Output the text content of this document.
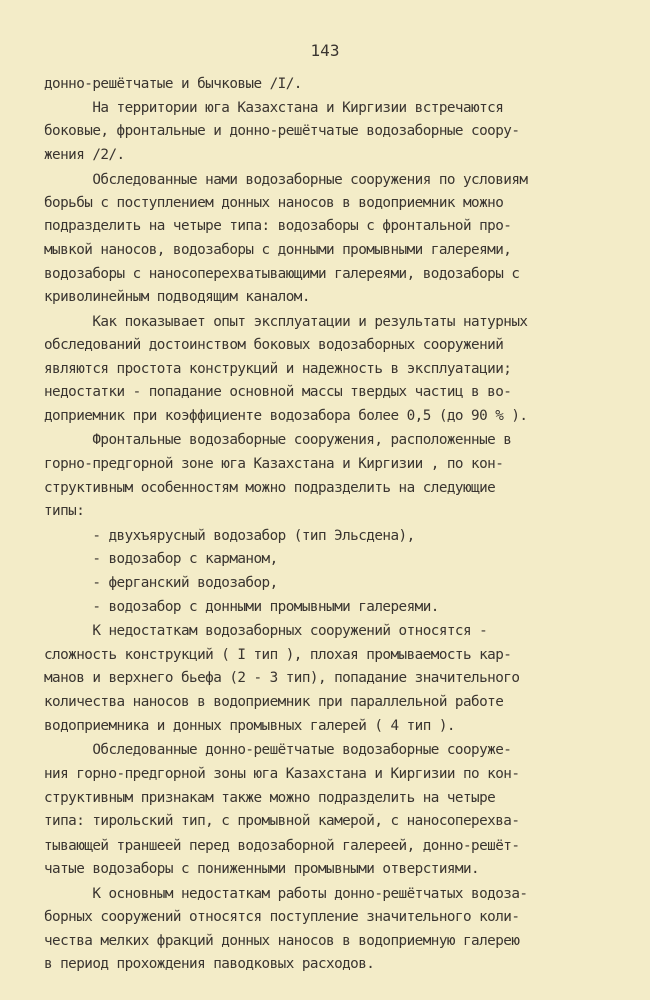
143
донно-решётчатые и бычковые /I/.
На территории юга Казахстана и Киргизии встречаются
боковые, фронтальные и донно-решётчатые водозаборные соору-
жения /2/.
Обследованные нами водозаборные сооружения по условиям
борьбы с поступлением донных наносов в водоприемник можно
подразделить на четыре типа: водозаборы с фронтальной про-
мывкой наносов, водозаборы с донными промывными галереями,
водозаборы с наносоперехватывающими галереями, водозаборы с
криволинейным подводящим каналом.
Как показывает опыт эксплуатации и результаты натурных
обследований достоинством боковых водозаборных сооружений
являются простота конструкций и надежность в эксплуатации;
недостатки - попадание основной массы твердых частиц в во-
доприемник при коэффициенте водозабора более 0,5 (до 90 % ).
Фронтальные водозаборные сооружения, расположенные в
горно-предгорной зоне юга Казахстана и Киргизии , по кон-
структивным особенностям можно подразделить на следующие
типы:
- двухъярусный водозабор (тип Эльсдена),
- водозабор с карманом,
- ферганский водозабор,
- водозабор с донными промывными галереями.
К недостаткам водозаборных сооружений относятся -
сложность конструкций ( I тип ), плохая промываемость кар-
манов и верхнего бьефа (2 - 3 тип), попадание значительного
количества наносов в водоприемник при параллельной работе
водоприемника и донных промывных галерей ( 4 тип ).
Обследованные донно-решётчатые водозаборные сооруже-
ния горно-предгорной зоны юга Казахстана и Киргизии по кон-
структивным признакам также можно подразделить на четыре
типа: тирольский тип, с промывной камерой, с наносоперехва-
тывающей траншеей перед водозаборной галереей, донно-решёт-
чатые водозаборы с пониженными промывными отверстиями.
К основным недостаткам работы донно-решётчатых водоза-
борных сооружений относятся поступление значительного коли-
чества мелких фракций донных наносов в водоприемную галерею
в период прохождения паводковых расходов.
